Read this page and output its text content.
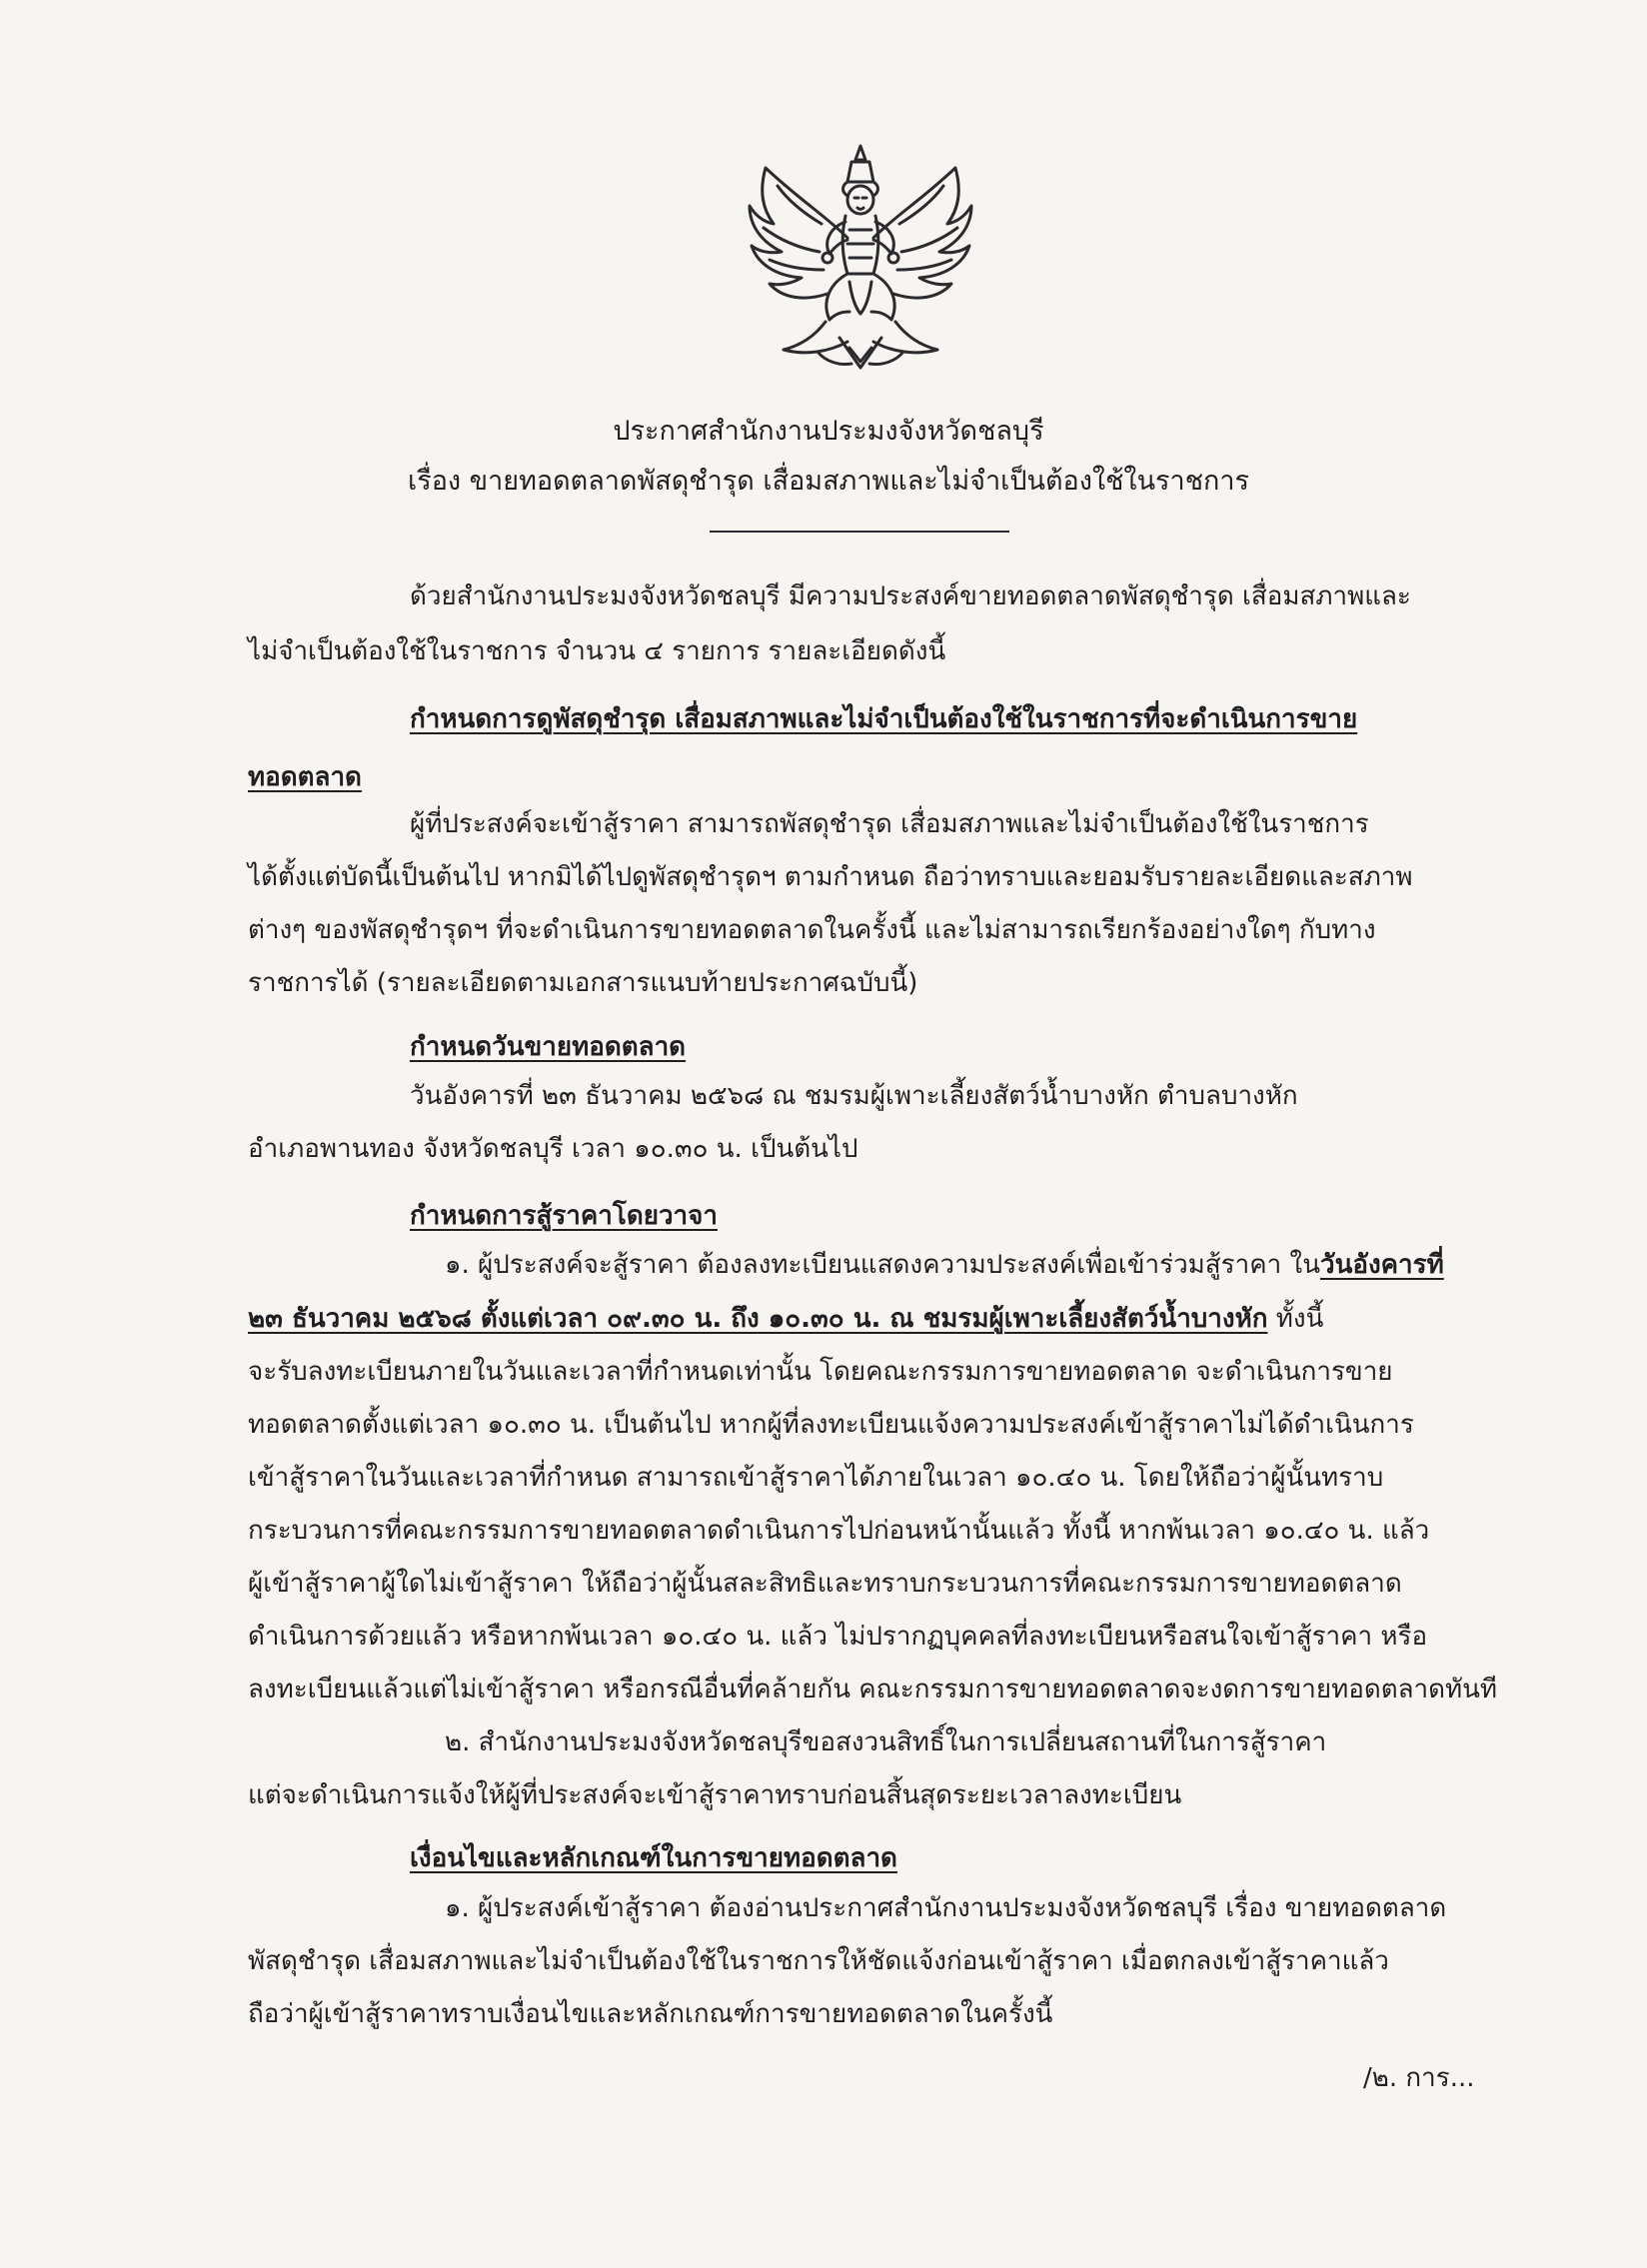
ประกาศสำนักงานประมงจังหวัดชลบุรี
เรื่อง ขายทอดตลาดพัสดุชำรุด เสื่อมสภาพและไม่จำเป็นต้องใช้ในราชการ
ด้วยสำนักงานประมงจังหวัดชลบุรี มีความประสงค์ขายทอดตลาดพัสดุชำรุด เสื่อมสภาพและ
ไม่จำเป็นต้องใช้ในราชการ จำนวน ๔ รายการ รายละเอียดดังนี้
กำหนดการดูพัสดุชำรุด เสื่อมสภาพและไม่จำเป็นต้องใช้ในราชการที่จะดำเนินการขาย
ทอดตลาด
ผู้ที่ประสงค์จะเข้าสู้ราคา สามารถพัสดุชำรุด เสื่อมสภาพและไม่จำเป็นต้องใช้ในราชการ
ได้ตั้งแต่บัดนี้เป็นต้นไป หากมิได้ไปดูพัสดุชำรุดฯ ตามกำหนด ถือว่าทราบและยอมรับรายละเอียดและสภาพ
ต่างๆ ของพัสดุชำรุดฯ ที่จะดำเนินการขายทอดตลาดในครั้งนี้ และไม่สามารถเรียกร้องอย่างใดๆ กับทาง
ราชการได้ (รายละเอียดตามเอกสารแนบท้ายประกาศฉบับนี้)
กำหนดวันขายทอดตลาด
วันอังคารที่ ๒๓ ธันวาคม ๒๕๖๘ ณ ชมรมผู้เพาะเลี้ยงสัตว์น้ำบางหัก ตำบลบางหัก
อำเภอพานทอง จังหวัดชลบุรี เวลา ๑๐.๓๐ น. เป็นต้นไป
กำหนดการสู้ราคาโดยวาจา
๑. ผู้ประสงค์จะสู้ราคา ต้องลงทะเบียนแสดงความประสงค์เพื่อเข้าร่วมสู้ราคา ในวันอังคารที่
๒๓ ธันวาคม ๒๕๖๘ ตั้งแต่เวลา ๐๙.๓๐ น. ถึง ๑๐.๓๐ น. ณ ชมรมผู้เพาะเลี้ยงสัตว์น้ำบางหัก ทั้งนี้
จะรับลงทะเบียนภายในวันและเวลาที่กำหนดเท่านั้น โดยคณะกรรมการขายทอดตลาด จะดำเนินการขาย
ทอดตลาดตั้งแต่เวลา ๑๐.๓๐ น. เป็นต้นไป หากผู้ที่ลงทะเบียนแจ้งความประสงค์เข้าสู้ราคาไม่ได้ดำเนินการ
เข้าสู้ราคาในวันและเวลาที่กำหนด สามารถเข้าสู้ราคาได้ภายในเวลา ๑๐.๔๐ น. โดยให้ถือว่าผู้นั้นทราบ
กระบวนการที่คณะกรรมการขายทอดตลาดดำเนินการไปก่อนหน้านั้นแล้ว ทั้งนี้ หากพ้นเวลา ๑๐.๔๐ น. แล้ว
ผู้เข้าสู้ราคาผู้ใดไม่เข้าสู้ราคา ให้ถือว่าผู้นั้นสละสิทธิและทราบกระบวนการที่คณะกรรมการขายทอดตลาด
ดำเนินการด้วยแล้ว หรือหากพ้นเวลา ๑๐.๔๐ น. แล้ว ไม่ปรากฏบุคคลที่ลงทะเบียนหรือสนใจเข้าสู้ราคา หรือ
ลงทะเบียนแล้วแต่ไม่เข้าสู้ราคา หรือกรณีอื่นที่คล้ายกัน คณะกรรมการขายทอดตลาดจะงดการขายทอดตลาดทันที
๒. สำนักงานประมงจังหวัดชลบุรีขอสงวนสิทธิ์ในการเปลี่ยนสถานที่ในการสู้ราคา
แต่จะดำเนินการแจ้งให้ผู้ที่ประสงค์จะเข้าสู้ราคาทราบก่อนสิ้นสุดระยะเวลาลงทะเบียน
เงื่อนไขและหลักเกณฑ์ในการขายทอดตลาด
๑. ผู้ประสงค์เข้าสู้ราคา ต้องอ่านประกาศสำนักงานประมงจังหวัดชลบุรี เรื่อง ขายทอดตลาด
พัสดุชำรุด เสื่อมสภาพและไม่จำเป็นต้องใช้ในราชการให้ชัดแจ้งก่อนเข้าสู้ราคา เมื่อตกลงเข้าสู้ราคาแล้ว
ถือว่าผู้เข้าสู้ราคาทราบเงื่อนไขและหลักเกณฑ์การขายทอดตลาดในครั้งนี้
/๒. การ...
